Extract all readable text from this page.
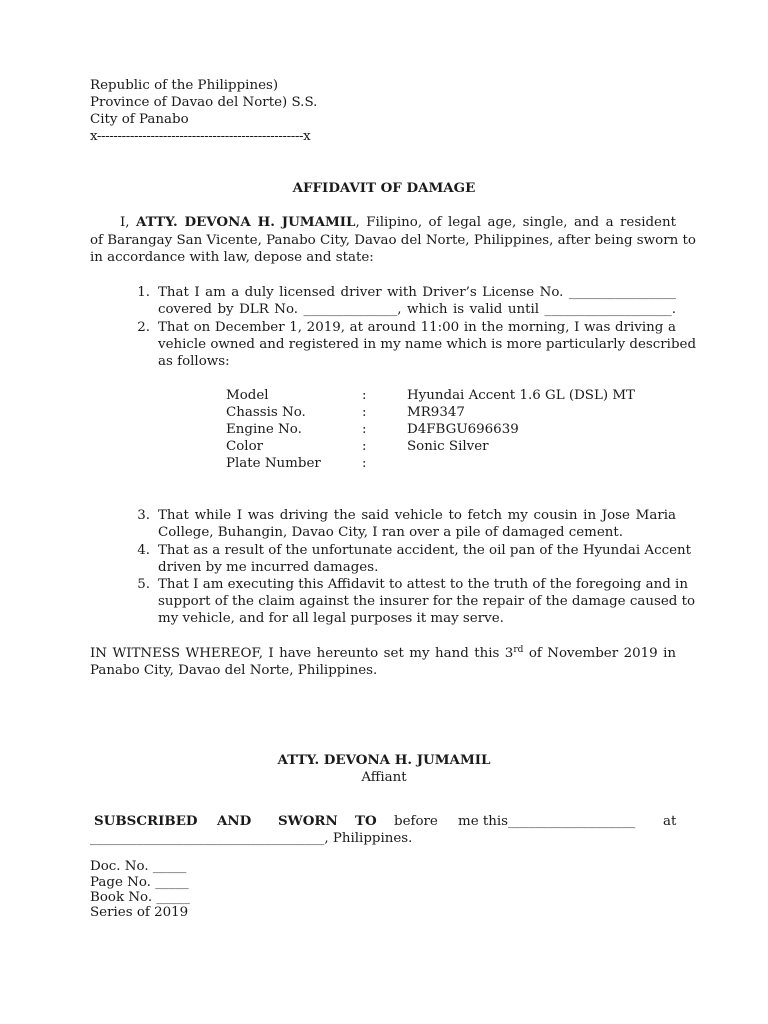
Republic of the Philippines)
Province of Davao del Norte) S.S.
City of Panabo
x--------------------------------------------------x
AFFIDAVIT OF DAMAGE
I, ATTY. DEVONA H. JUMAMIL, Filipino, of legal age, single, and a resident
of Barangay San Vicente, Panabo City, Davao del Norte, Philippines, after being sworn to
in accordance with law, depose and state:
1. That I am a duly licensed driver with Driver’s License No. ________________
covered by DLR No. ______________, which is valid until ___________________.
2. That on December 1, 2019, at around 11:00 in the morning, I was driving a
vehicle owned and registered in my name which is more particularly described
as follows:
Model	:	Hyundai Accent 1.6 GL (DSL) MT
Chassis No.	:	MR9347
Engine No.	:	D4FBGU696639
Color	:	Sonic Silver
Plate Number	:
3. That while I was driving the said vehicle to fetch my cousin in Jose Maria
College, Buhangin, Davao City, I ran over a pile of damaged cement.
4. That as a result of the unfortunate accident, the oil pan of the Hyundai Accent
driven by me incurred damages.
5. That I am executing this Affidavit to attest to the truth of the foregoing and in
support of the claim against the insurer for the repair of the damage caused to
my vehicle, and for all legal purposes it may serve.
IN WITNESS WHEREOF, I have hereunto set my hand this 3rd of November 2019 in
Panabo City, Davao del Norte, Philippines.
ATTY. DEVONA H. JUMAMIL
Affiant
SUBSCRIBED AND SWORN TO before me this___________________ at
___________________________________, Philippines.
Doc. No. _____
Page No. _____
Book No. _____
Series of 2019
